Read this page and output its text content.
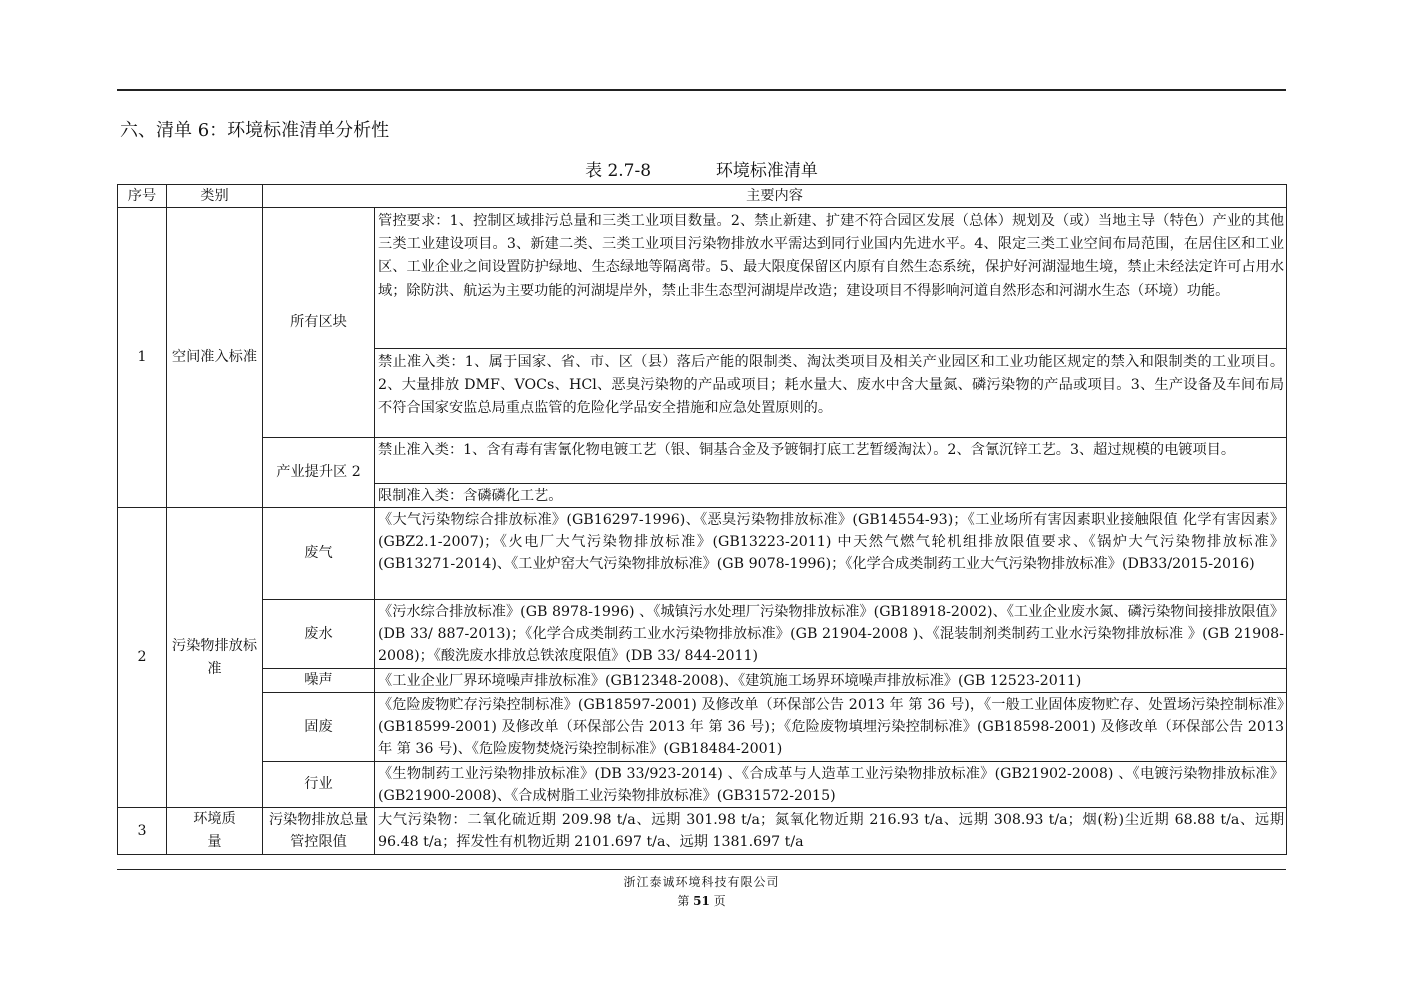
六、清单 6：环境标准清单分析性
表 2.7-8	环境标准清单
序号	类别	主要内容	
1	空间准入标准	所有区块	管控要求：1、控制区域排污总量和三类工业项目数量。2、禁止新建、扩建不符合园区发展（总体）规划及（或）当地主导（特色）产业的其他三类工业建设项目。3、新建二类、三类工业项目污染物排放水平需达到同行业国内先进水平。4、限定三类工业空间布局范围，在居住区和工业区、工业企业之间设置防护绿地、生态绿地等隔离带。5、最大限度保留区内原有自然生态系统，保护好河湖湿地生境，禁止未经法定许可占用水域；除防洪、航运为主要功能的河湖堤岸外，禁止非生态型河湖堤岸改造；建设项目不得影响河道自然形态和河湖水生态（环境）功能。
			禁止准入类：1、属于国家、省、市、区（县）落后产能的限制类、淘汰类项目及相关产业园区和工业功能区规定的禁入和限制类的工业项目。2、大量排放 DMF、VOCs、HCl、恶臭污染物的产品或项目；耗水量大、废水中含大量氮、磷污染物的产品或项目。3、生产设备及车间布局不符合国家安监总局重点监管的危险化学品安全措施和应急处置原则的。
		产业提升区 2	禁止准入类：1、含有毒有害氰化物电镀工艺（银、铜基合金及予镀铜打底工艺暂缓淘汰）。2、含氰沉锌工艺。3、超过规模的电镀项目。
			限制准入类：含磷磷化工艺。
2	污染物排放标准	废气	《大气污染物综合排放标准》(GB16297-1996)、《恶臭污染物排放标准》(GB14554-93)；《工业场所有害因素职业接触限值 化学有害因素》(GBZ2.1-2007)；《火电厂大气污染物排放标准》(GB13223-2011) 中天然气燃气轮机组排放限值要求、《锅炉大气污染物排放标准》(GB13271-2014)、《工业炉窑大气污染物排放标准》(GB 9078-1996)；《化学合成类制药工业大气污染物排放标准》(DB33/2015-2016)
		废水	《污水综合排放标准》(GB 8978-1996) 、《城镇污水处理厂污染物排放标准》(GB18918-2002)、《工业企业废水氮、磷污染物间接排放限值》(DB 33/ 887-2013)；《化学合成类制药工业水污染物排放标准》(GB 21904-2008 )、《混装制剂类制药工业水污染物排放标准 》(GB 21908-2008)；《酸洗废水排放总铁浓度限值》(DB 33/ 844-2011)
		噪声	《工业企业厂界环境噪声排放标准》(GB12348-2008)、《建筑施工场界环境噪声排放标准》(GB 12523-2011)
		固废	《危险废物贮存污染控制标准》(GB18597-2001) 及修改单（环保部公告 2013 年 第 36 号)，《一般工业固体废物贮存、处置场污染控制标准》(GB18599-2001) 及修改单（环保部公告 2013 年 第 36 号)；《危险废物填埋污染控制标准》(GB18598-2001) 及修改单（环保部公告 2013 年 第 36 号)、《危险废物焚烧污染控制标准》(GB18484-2001)
		行业	《生物制药工业污染物排放标准》(DB 33/923-2014) 、《合成革与人造革工业污染物排放标准》(GB21902-2008) 、《电镀污染物排放标准》(GB21900-2008)、《合成树脂工业污染物排放标准》(GB31572-2015)
3	环境质量	污染物排放总量管控限值	大气污染物：二氧化硫近期 209.98 t/a、远期 301.98 t/a；氮氧化物近期 216.93 t/a、远期 308.93 t/a；烟(粉)尘近期 68.88 t/a、远期 96.48 t/a；挥发性有机物近期 2101.697 t/a、远期 1381.697 t/a
浙江泰诚环境科技有限公司
第 51 页
